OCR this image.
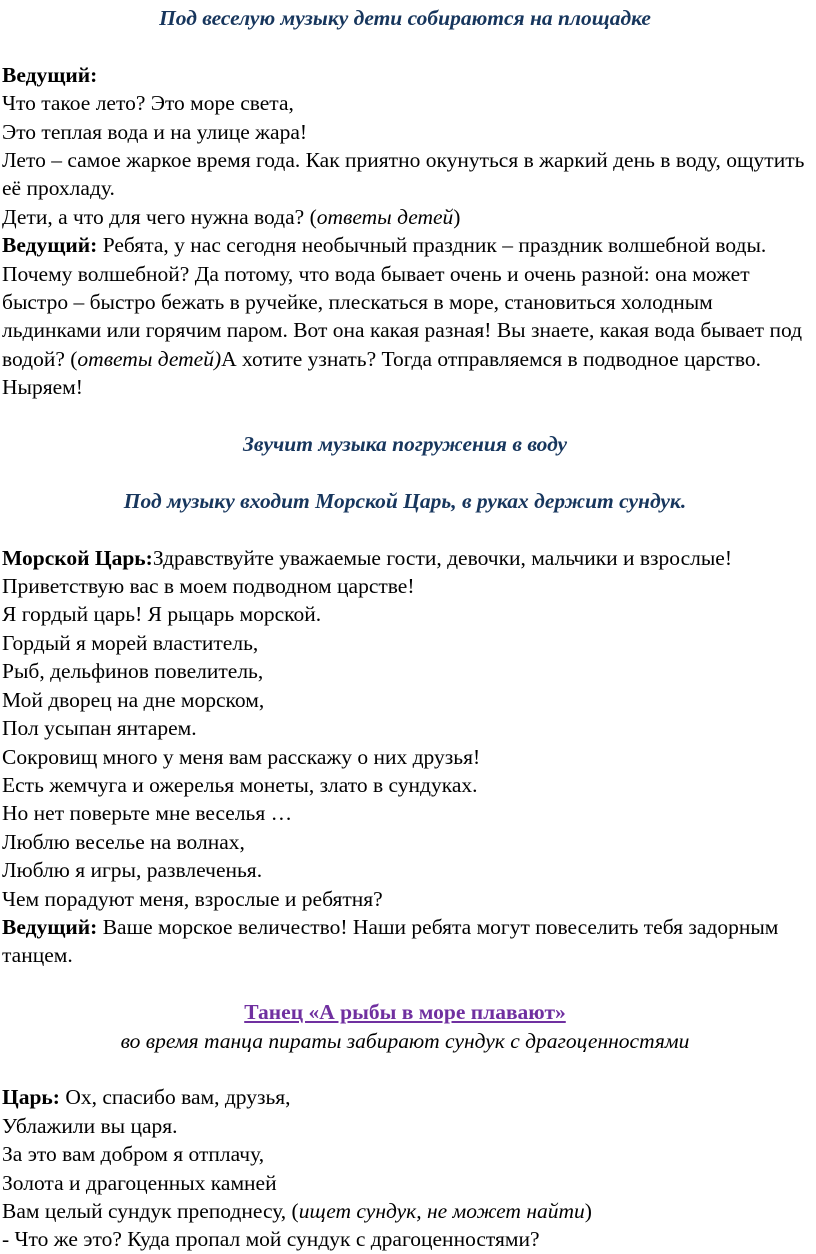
Под веселую музыку дети собираются на площадке

Ведущий:

Что такое лето? Это море света,

Это теплая вода и на улице жара!

Лето – самое жаркое время года. Как приятно окунуться в жаркий день в воду, ощутить её прохладу.

Дети, а что для чего нужна вода? (ответы детей)

Ведущий: Ребята, у нас сегодня необычный праздник – праздник волшебной воды. Почему волшебной? Да потому, что вода бывает очень и очень разной: она может быстро – быстро бежать в ручейке, плескаться в море, становиться холодным льдинками или горячим паром. Вот она какая разная! Вы знаете, какая вода бывает под водой? (ответы детей)А хотите узнать? Тогда отправляемся в подводное царство. Ныряем!

Звучит музыка погружения в воду

Под музыку входит Морской Царь, в руках держит сундук.

Морской Царь:Здравствуйте уважаемые гости, девочки, мальчики и взрослые! Приветствую вас в моем подводном царстве!

Я гордый царь! Я рыцарь морской.

Гордый я морей властитель,

Рыб, дельфинов повелитель,

Мой дворец на дне морском,

Пол усыпан янтарем.

Сокровищ много у меня вам расскажу о них друзья!

Есть жемчуга и ожерелья монеты, злато в сундуках.

Но нет поверьте мне веселья …

Люблю веселье на волнах,

Люблю я игры, развлеченья.

Чем порадуют меня, взрослые и ребятня?

Ведущий: Ваше морское величество! Наши ребята могут повеселить тебя задорным танцем.

Танец «А рыбы в море плавают»

во время танца пираты забирают сундук с драгоценностями

Царь: Ох, спасибо вам, друзья,

Ублажили вы царя.

За это вам добром я отплачу,

Золота и драгоценных камней

Вам целый сундук преподнесу, (ищет сундук, не может найти)

- Что же это? Куда пропал мой сундук с драгоценностями?
